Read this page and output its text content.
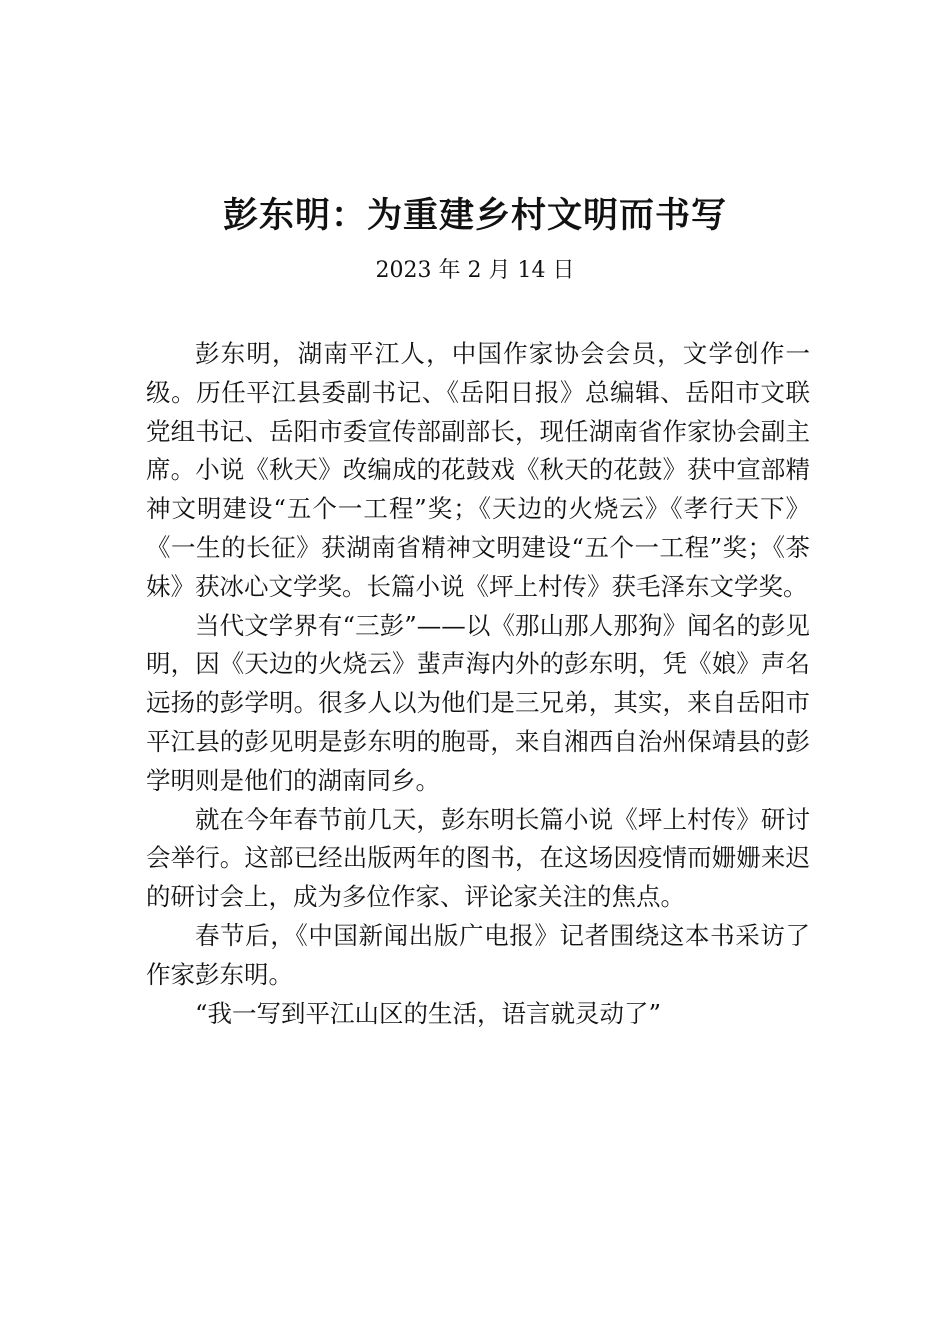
彭东明：为重建乡村文明而书写

2023 年 2 月 14 日

彭东明，湖南平江人，中国作家协会会员，文学创作一级。历任平江县委副书记、《岳阳日报》总编辑、岳阳市文联党组书记、岳阳市委宣传部副部长，现任湖南省作家协会副主席。小说《秋天》改编成的花鼓戏《秋天的花鼓》获中宣部精神文明建设“五个一工程”奖；《天边的火烧云》《孝行天下》《一生的长征》获湖南省精神文明建设“五个一工程”奖；《茶妹》获冰心文学奖。长篇小说《坪上村传》获毛泽东文学奖。

当代文学界有“三彭”——以《那山那人那狗》闻名的彭见明，因《天边的火烧云》蜚声海内外的彭东明，凭《娘》声名远扬的彭学明。很多人以为他们是三兄弟，其实，来自岳阳市平江县的彭见明是彭东明的胞哥，来自湘西自治州保靖县的彭学明则是他们的湖南同乡。

就在今年春节前几天，彭东明长篇小说《坪上村传》研讨会举行。这部已经出版两年的图书，在这场因疫情而姗姗来迟的研讨会上，成为多位作家、评论家关注的焦点。

春节后，《中国新闻出版广电报》记者围绕这本书采访了作家彭东明。

“我一写到平江山区的生活，语言就灵动了”
